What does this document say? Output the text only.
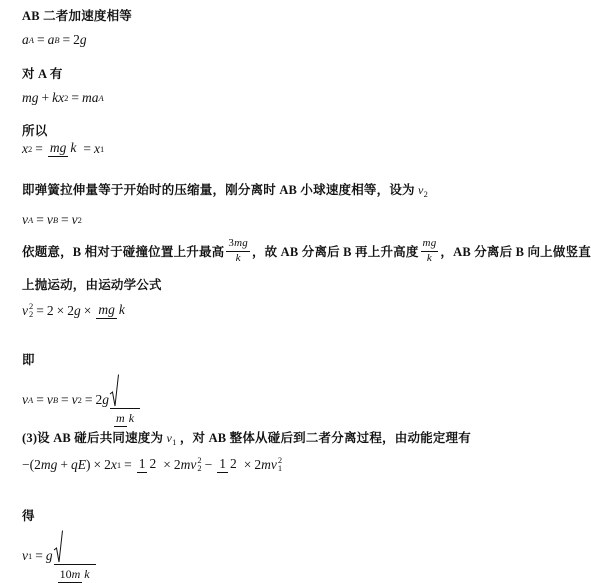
AB 二者加速度相等
a A = a B = 2 g
对 A 有
mg + kx 2 = ma A
所以
x 2 = mg k = x 1
即弹簧拉伸量等于开始时的压缩量，刚分离时 AB 小球速度相等，设为 $v_2$
v A = v B = v 2
依题意，B 相对于碰撞位置上升最高 $\frac{3mg}{k}$ ，故 AB 分离后 B 再上升高度 $\frac{mg}{k}$ ，AB 分离后 B 向上做竖直
上抛运动，由运动学公式
v 2
2 = 2 × 2 g × mg k
即
v A = v B = v 2 = 2 g
m k
(3)设 AB 碰后共同速度为 $v_1$ ，对 AB 整体从碰后到二者分离过程，由动能定理有
−(2 mg + qE ) × 2 x 1 = 1 2 × 2 m v 2
2 − 1 2 × 2 m v 2
1
得
v 1 = g
10m k
